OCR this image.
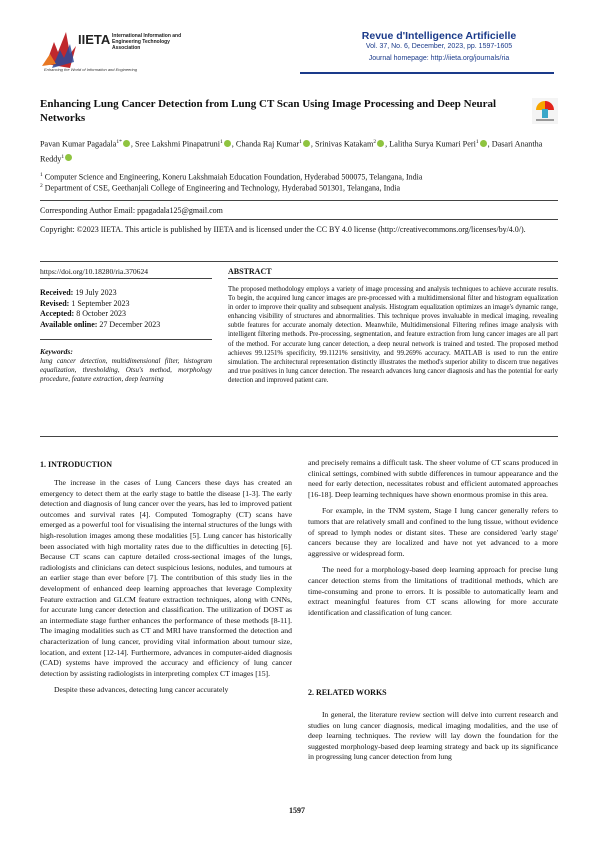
IIETA International Information and Engineering Technology Association
Enhancing the World of Information and Engineering
Revue d'Intelligence Artificielle
Vol. 37, No. 6, December, 2023, pp. 1597-1605
Journal homepage: http://iieta.org/journals/ria
Enhancing Lung Cancer Detection from Lung CT Scan Using Image Processing and Deep Neural Networks
Pavan Kumar Pagadala$^{1*}$ , Sree Lakshmi Pinapatruni$^1$ , Chanda Raj Kumar$^1$ , Srinivas Katakam$^2$ , Lalitha Surya Kumari Peri$^1$ , Dasari Anantha Reddy$^1$
$^1$ Computer Science and Engineering, Koneru Lakshmaiah Education Foundation, Hyderabad 500075, Telangana, India
$^2$ Department of CSE, Geethanjali College of Engineering and Technology, Hyderabad 501301, Telangana, India
Corresponding Author Email: ppagadala125@gmail.com
Copyright: ©2023 IIETA. This article is published by IIETA and is licensed under the CC BY 4.0 license (http://creativecommons.org/licenses/by/4.0/).
https://doi.org/10.18280/ria.370624	ABSTRACT
Received: 19 July 2023
Revised: 1 September 2023
Accepted: 8 October 2023
Available online: 27 December 2023
Keywords:
lung cancer detection, multidimensional filter, histogram equalization, thresholding, Otsu's method, morphology procedure, feature extraction, deep learning
The proposed methodology employs a variety of image processing and analysis techniques to achieve accurate results. To begin, the acquired lung cancer images are pre-processed with a multidimensional filter and histogram equalization in order to improve their quality and subsequent analysis. Histogram equalization optimizes an image's dynamic range, enhancing visibility of structures and abnormalities. This technique proves invaluable in medical imaging, revealing subtle features for accurate anomaly detection. Meanwhile, Multidimensional Filtering refines image analysis with intelligent filtering methods. Pre-processing, segmentation, and feature extraction from lung cancer images are all part of the method. For accurate lung cancer detection, a deep neural network is trained and tested. The proposed method achieves 99.1251% specificity, 99.1121% sensitivity, and 99.269% accuracy. MATLAB is used to run the entire simulation. The architectural representation distinctly illustrates the method's superior ability to discern true negatives and true positives in lung cancer detection. The research advances lung cancer diagnosis and has the potential for early detection and improved patient care.
1. INTRODUCTION

The increase in the cases of Lung Cancers these days has created an emergency to detect them at the early stage to battle the disease [1-3]. The early detection and diagnosis of lung cancer over the years, has led to improved patient outcomes and survival rates [4]. Computed Tomography (CT) scans have emerged as a powerful tool for visualising the internal structures of the lungs with high-resolution images among these modalities [5]. Lung cancer has historically been associated with high mortality rates due to the difficulties in detecting [6]. Because CT scans can capture detailed cross-sectional images of the lungs, radiologists and clinicians can detect suspicious lesions, nodules, and tumours at an earlier stage than ever before [7]. The contribution of this study lies in the development of enhanced deep learning approaches that leverage Complexity Feature extraction and GLCM feature extraction techniques, along with CNNs, for accurate lung cancer detection and classification. The utilization of DOST as an intermediate stage further enhances the performance of these methods [8-11]. The imaging modalities such as CT and MRI have transformed the detection and characterization of lung cancer, providing vital information about tumour size, location, and extent [12-14]. Furthermore, advances in computer-aided diagnosis (CAD) systems have improved the accuracy and efficiency of lung cancer detection by assisting radiologists in interpreting complex CT images [15].

Despite these advances, detecting lung cancer accurately

and precisely remains a difficult task. The sheer volume of CT scans produced in clinical settings, combined with subtle differences in tumour appearance and the need for early detection, necessitates robust and efficient automated approaches [16-18]. Deep learning techniques have shown enormous promise in this area.

For example, in the TNM system, Stage I lung cancer generally refers to tumors that are relatively small and confined to the lung tissue, without evidence of spread to lymph nodes or distant sites. These are considered 'early stage' cancers because they are localized and have not yet advanced to a more aggressive or widespread form.

The need for a morphology-based deep learning approach for precise lung cancer detection stems from the limitations of traditional methods, which are time-consuming and prone to errors. It is possible to automatically learn and extract meaningful features from CT scans allowing for more accurate identification and classification of lung cancer.

2. RELATED WORKS

In general, the literature review section will delve into current research and studies on lung cancer diagnosis, medical imaging modalities, and the use of deep learning techniques. The review will lay down the foundation for the suggested morphology-based deep learning strategy and back up its significance in progressing lung cancer detection from lung

1597
